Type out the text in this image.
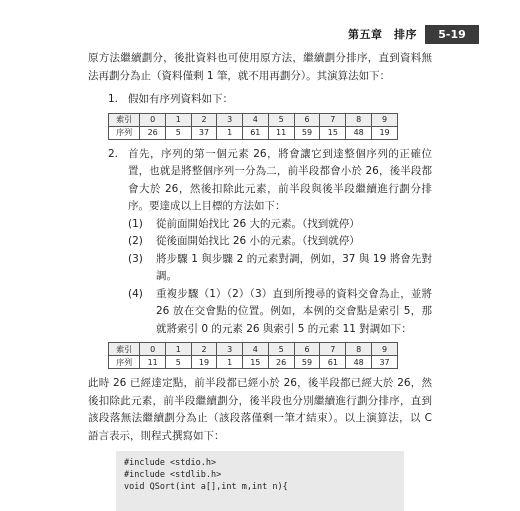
第五章　排序	5-19

原方法繼續劃分，後批資料也可使用原方法，繼續劃分排序，直到資料無法再劃分為止（資料僅剩 1 筆，就不用再劃分）。其演算法如下：

1. 假如有序列資料如下：
索引	0	1	2	3	4	5	6	7	8	9
序列	26	5	37	1	61	11	59	15	48	19
2. 首先，序列的第一個元素 26，將會讓它到達整個序列的正確位置，也就是將整個序列一分為二，前半段都會小於 26，後半段都會大於 26，然後扣除此元素，前半段與後半段繼續進行劃分排序。要達成以上目標的方法如下：
(1)	從前面開始找比 26 大的元素。（找到就停）
(2)	從後面開始找比 26 小的元素。（找到就停）
(3)	將步驟 1 與步驟 2 的元素對調，例如，37 與 19 將會先對調。
(4)	重複步驟（1）（2）（3）直到所搜尋的資料交會為止，並將 26 放在交會點的位置。例如，本例的交會點是索引 5，那就將索引 0 的元素 26 與索引 5 的元素 11 對調如下：
索引	0	1	2	3	4	5	6	7	8	9
序列	11	5	19	1	15	26	59	61	48	37

此時 26 已經達定點，前半段都已經小於 26，後半段都已經大於 26，然後扣除此元素，前半段繼續劃分，後半段也分別繼續進行劃分排序，直到該段落無法繼續劃分為止（該段落僅剩一筆才結束）。以上演算法，以 C 語言表示，則程式撰寫如下：

#include <stdio.h>
#include <stdlib.h>
void QSort(int a[],int m,int n){
